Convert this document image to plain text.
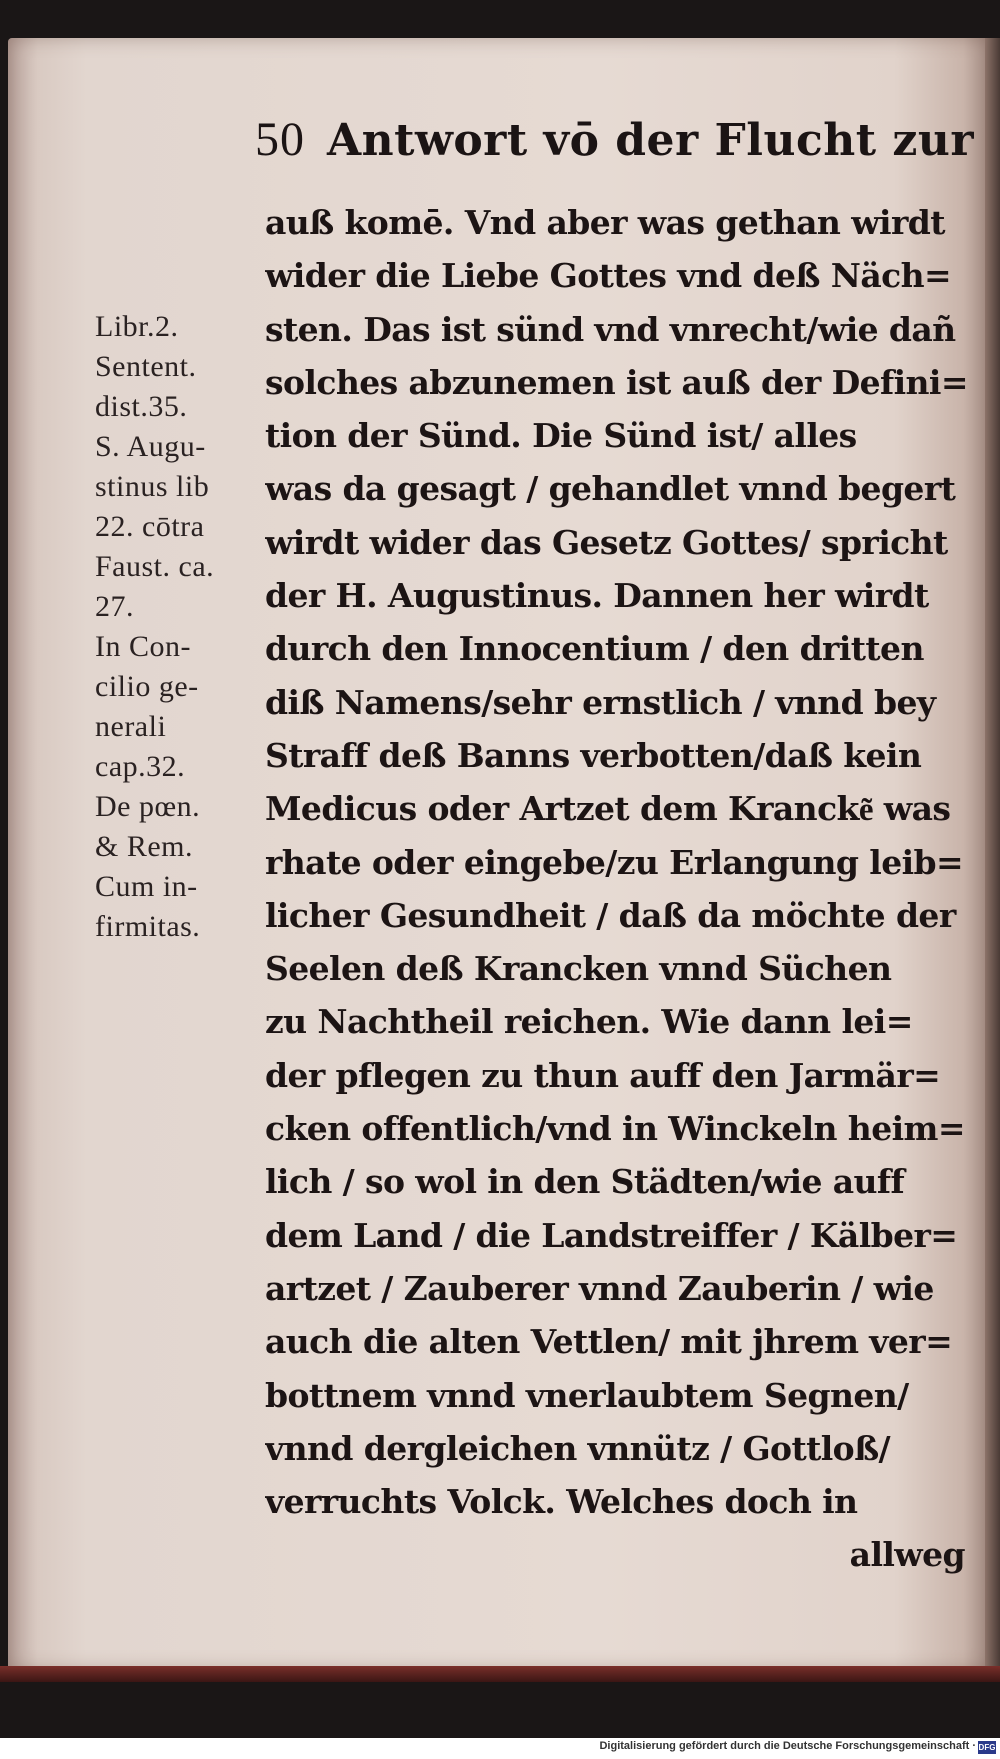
50 Antwort vō der Flucht zur
Libr.2.
Sentent.
dist.35.
S. Augu-
stinus lib
22. cōtra
Faust. ca.
27.
In Con-
cilio ge-
nerali
cap.32.
De pœn.
& Rem.
Cum in-
firmitas.
auß komē. Vnd aber was gethan wirdt
wider die Liebe Gottes vnd deß Näch=
sten. Das ist sünd vnd vnrecht/wie dañ
solches abzunemen ist auß der Defini=
tion der Sünd. Die Sünd ist/ alles
was da gesagt / gehandlet vnnd begert
wirdt wider das Gesetz Gottes/ spricht
der H. Augustinus. Dannen her wirdt
durch den Innocentium / den dritten
diß Namens/sehr ernstlich / vnnd bey
Straff deß Banns verbotten/daß kein
Medicus oder Artzet dem Krancke͂ was
rhate oder eingebe/zu Erlangung leib=
licher Gesundheit / daß da möchte der
Seelen deß Krancken vnnd Süchen
zu Nachtheil reichen. Wie dann lei=
der pflegen zu thun auff den Jarmär=
cken offentlich/vnd in Winckeln heim=
lich / so wol in den Städten/wie auff
dem Land / die Landstreiffer / Kälber=
artzet / Zauberer vnnd Zauberin / wie
auch die alten Vettlen/ mit jhrem ver=
bottnem vnnd vnerlaubtem Segnen/
vnnd dergleichen vnnütz / Gottloß/
verruchts Volck. Welches doch in
allweg
Digitalisierung gefördert durch die Deutsche Forschungsgemeinschaft · DFG
